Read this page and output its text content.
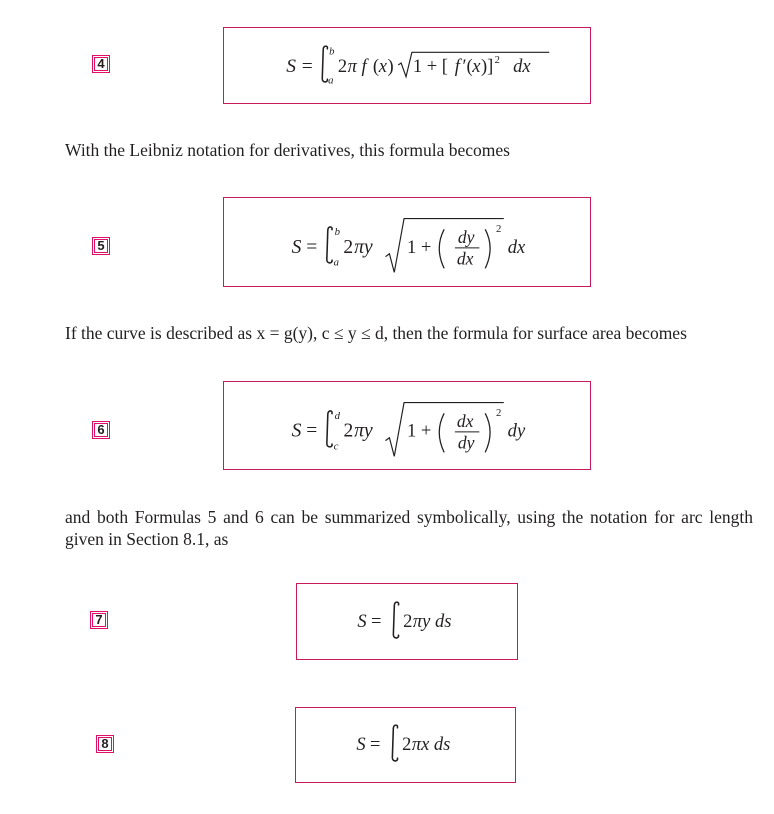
4	S =
b
a
2 π f ( x ) 1 + [ f ′( x )] 2 dx
With the Leibniz notation for derivatives, this formula becomes
5	S =
b
a
2 πy 1 + dy
dx
2
dx
If the curve is described as x = g(y), c ≤ y ≤ d, then the formula for surface area becomes
6	S =
d
c
2 πy 1 + dx
dy
2
dy
and both Formulas 5 and 6 can be summarized symbolically, using the notation for arc length given in Section 8.1, as
7	S = 2 πy ds
8	S = 2 πx ds
